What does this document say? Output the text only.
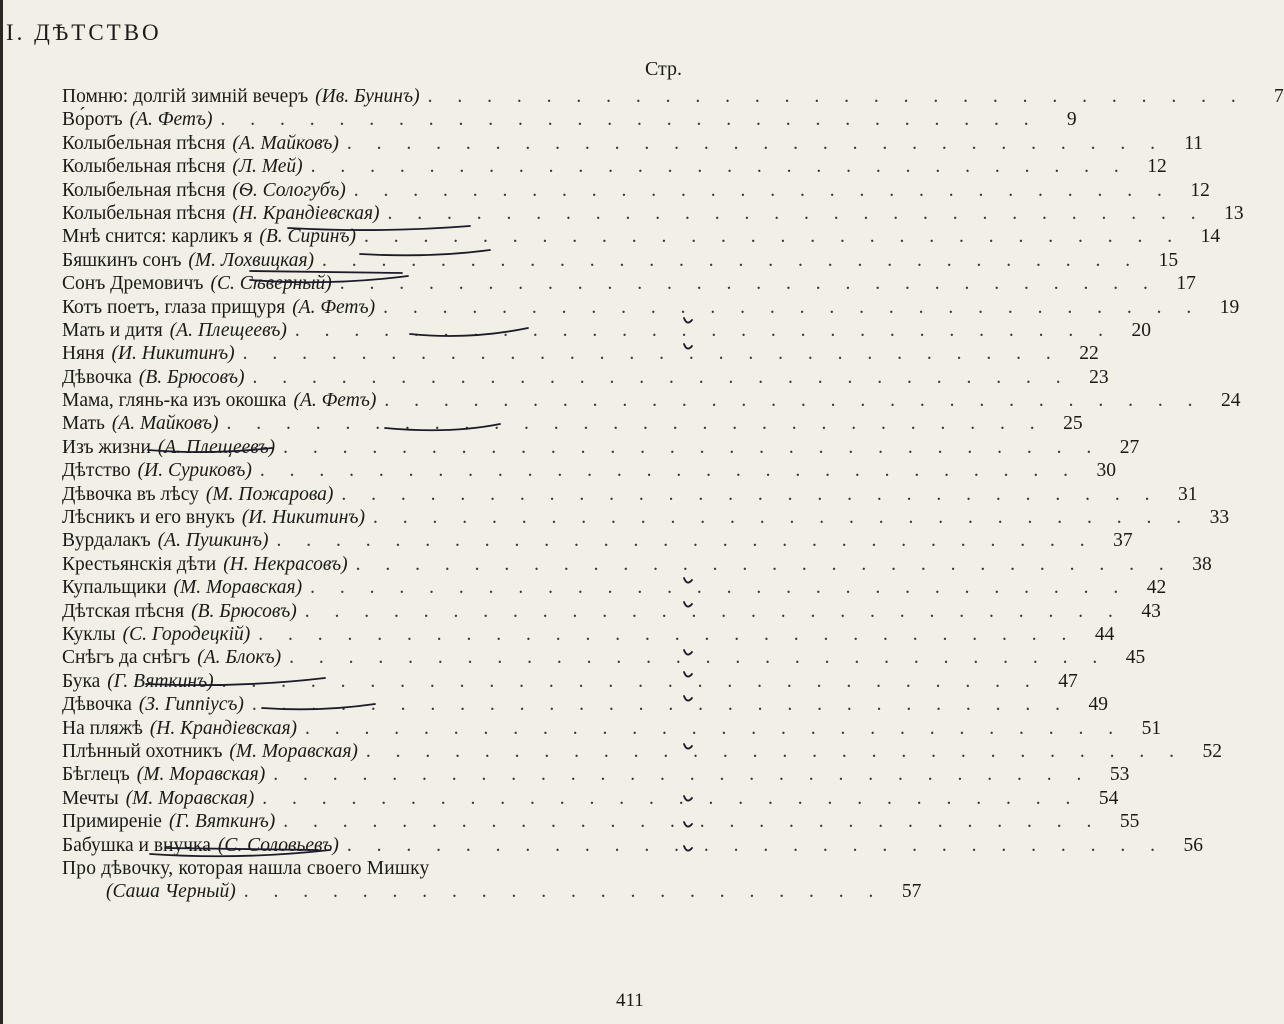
I. ДѢТСТВО
Стр.
Помню: долгій зимній вечеръ (Ив. Бунинъ) . . . . . . . . . . . . . . . . . . . . . . . . . . . .	7
Во́ротъ (А. Фетъ) . . . . . . . . . . . . . . . . . . . . . . . . . . . .	9
Колыбельная пѣсня (А. Майковъ) . . . . . . . . . . . . . . . . . . . . . . . . . . . . 11
Колыбельная пѣсня (Л. Мей) . . . . . . . . . . . . . . . . . . . . . . . . . . . . 12
Колыбельная пѣсня (Ѳ. Сологубъ) . . . . . . . . . . . . . . . . . . . . . . . . . . . . 12
Колыбельная пѣсня (Н. Крандіевская) . . . . . . . . . . . . . . . . . . . . . . . . . . . . 13
Мнѣ снится: карликъ я (В. Сиринъ) . . . . . . . . . . . . . . . . . . . . . . . . . . . . 14
Бяшкинъ сонъ (М. Лохвицкая) . . . . . . . . . . . . . . . . . . . . . . . . . . . . 15
Сонъ Дремовичъ (С. Сѣверный) . . . . . . . . . . . . . . . . . . . . . . . . . . . . 17
Котъ поетъ, глаза прищуря (А. Фетъ) . . . . . . . . . . . . . . . . . . . . . . . . . . . . 19
Мать и дитя (А. Плещеевъ) . . . . . . . . . . . . . . . . . . . . . . . . . . . . 20
Няня (И. Никитинъ) . . . . . . . . . . . . . . . . . . . . . . . . . . . . 22
Дѣвочка (В. Брюсовъ) . . . . . . . . . . . . . . . . . . . . . . . . . . . . 23
Мама, глянь-ка изъ окошка (А. Фетъ) . . . . . . . . . . . . . . . . . . . . . . . . . . . . 24
Мать (А. Майковъ) . . . . . . . . . . . . . . . . . . . . . . . . . . . . 25
Изъ жизни (А. Плещеевъ) . . . . . . . . . . . . . . . . . . . . . . . . . . . . 27
Дѣтство (И. Суриковъ) . . . . . . . . . . . . . . . . . . . . . . . . . . . . 30
Дѣвочка въ лѣсу (М. Пожарова) . . . . . . . . . . . . . . . . . . . . . . . . . . . . 31
Лѣсникъ и его внукъ (И. Никитинъ) . . . . . . . . . . . . . . . . . . . . . . . . . . . . 33
Вурдалакъ (А. Пушкинъ) . . . . . . . . . . . . . . . . . . . . . . . . . . . . 37
Крестьянскія дѣти (Н. Некрасовъ) . . . . . . . . . . . . . . . . . . . . . . . . . . . . 38
Купальщики (М. Моравская) . . . . . . . . . . . . . . . . . . . . . . . . . . . . 42
Дѣтская пѣсня (В. Брюсовъ) . . . . . . . . . . . . . . . . . . . . . . . . . . . . 43
Куклы (С. Городецкій) . . . . . . . . . . . . . . . . . . . . . . . . . . . . 44
Снѣгъ да снѣгъ (А. Блокъ) . . . . . . . . . . . . . . . . . . . . . . . . . . . . 45
Бука (Г. Вяткинъ) . . . . . . . . . . . . . . . . . . . . . . . . . . . . 47
Дѣвочка (З. Гиппіусъ) . . . . . . . . . . . . . . . . . . . . . . . . . . . . 49
На пляжѣ (Н. Крандіевская) . . . . . . . . . . . . . . . . . . . . . . . . . . . . 51
Плѣнный охотникъ (М. Моравская) . . . . . . . . . . . . . . . . . . . . . . . . . . . . 52
Бѣглецъ (М. Моравская) . . . . . . . . . . . . . . . . . . . . . . . . . . . . 53
Мечты (М. Моравская) . . . . . . . . . . . . . . . . . . . . . . . . . . . . 54
Примиреніе (Г. Вяткинъ) . . . . . . . . . . . . . . . . . . . . . . . . . . . . 55
Бабушка и внучка (С. Соловьевъ) . . . . . . . . . . . . . . . . . . . . . . . . . . . . 56
Про дѣвочку, которая нашла своего Мишку
(Саша Черный) . . . . . . . . . . . . . . . . . . . . . . 57
411
